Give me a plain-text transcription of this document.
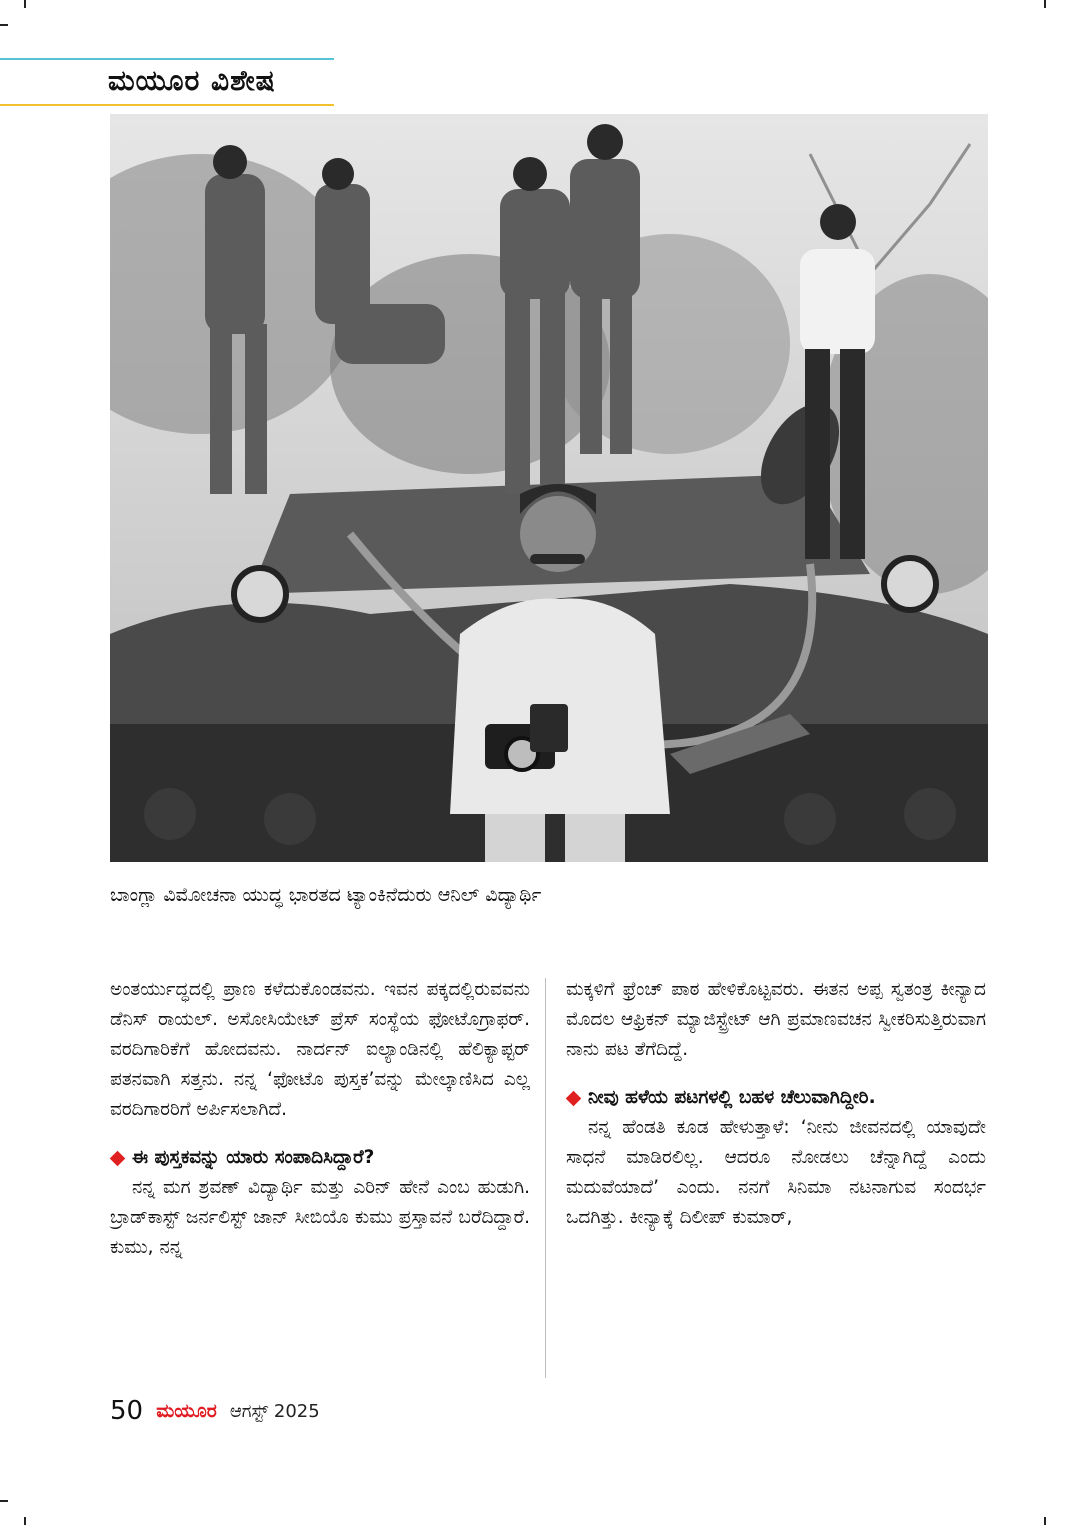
ಮಯೂರ ವಿಶೇಷ
ಬಾಂಗ್ಲಾ ವಿಮೋಚನಾ ಯುದ್ಧ ಭಾರತದ ಟ್ಯಾಂಕಿನೆದುರು ಆನಿಲ್ ವಿದ್ಯಾರ್ಥಿ

ಅಂತರ್ಯುದ್ಧದಲ್ಲಿ ಪ್ರಾಣ ಕಳೆದುಕೊಂಡವನು. ಇವನ ಪಕ್ಕದಲ್ಲಿರುವವನು ಡೆನಿಸ್ ರಾಯಲ್. ಅಸೋಸಿಯೇಟ್ ಪ್ರೆಸ್ ಸಂಸ್ಥೆಯ ಫೋಟೊಗ್ರಾಫರ್. ವರದಿಗಾರಿಕೆಗೆ ಹೋದವನು. ನಾರ್ದನ್ ಐಲ್ಯಾಂಡಿನಲ್ಲಿ ಹೆಲಿಕ್ಯಾಪ್ಟರ್ ಪತನವಾಗಿ ಸತ್ತನು. ನನ್ನ ‘ಫೋಟೊ ಪುಸ್ತಕ’ವನ್ನು ಮೇಲ್ಕಾಣಿಸಿದ ಎಲ್ಲ ವರದಿಗಾರರಿಗೆ ಅರ್ಪಿಸಲಾಗಿದೆ.

ಈ ಪುಸ್ತಕವನ್ನು ಯಾರು ಸಂಪಾದಿಸಿದ್ದಾರೆ?

ನನ್ನ ಮಗ ಶ್ರವಣ್ ವಿದ್ಯಾರ್ಥಿ ಮತ್ತು ಎರಿನ್ ಹೇನೆ ಎಂಬ ಹುಡುಗಿ. ಬ್ರಾಡ್‌ಕಾಸ್ಟ್ ಜರ್ನಲಿಸ್ಟ್ ಜಾನ್ ಸೀಬಿಯೊ ಕುಮು ಪ್ರಸ್ತಾವನೆ ಬರೆದಿದ್ದಾರೆ. ಕುಮು, ನನ್ನ

ಮಕ್ಕಳಿಗೆ ಫ್ರೆಂಚ್ ಪಾಠ ಹೇಳಿಕೊಟ್ಟವರು. ಈತನ ಅಪ್ಪ ಸ್ವತಂತ್ರ ಕೀನ್ಯಾದ ಮೊದಲ ಆಫ್ರಿಕನ್ ಮ್ಯಾಜಿಸ್ಟ್ರೇಟ್ ಆಗಿ ಪ್ರಮಾಣವಚನ ಸ್ವೀಕರಿಸುತ್ತಿರುವಾಗ ನಾನು ಪಟ ತೆಗೆದಿದ್ದೆ.

ನೀವು ಹಳೆಯ ಪಟಗಳಲ್ಲಿ ಬಹಳ ಚೆಲುವಾಗಿದ್ದೀರಿ.

ನನ್ನ ಹೆಂಡತಿ ಕೂಡ ಹೇಳುತ್ತಾಳೆ: ‘ನೀನು ಜೀವನದಲ್ಲಿ ಯಾವುದೇ ಸಾಧನೆ ಮಾಡಿರಲಿಲ್ಲ. ಆದರೂ ನೋಡಲು ಚೆನ್ನಾಗಿದ್ದೆ ಎಂದು ಮದುವೆಯಾದೆ’ ಎಂದು. ನನಗೆ ಸಿನಿಮಾ ನಟನಾಗುವ ಸಂದರ್ಭ ಒದಗಿತ್ತು. ಕೀನ್ಯಾಕ್ಕೆ ದಿಲೀಪ್ ಕುಮಾರ್,

50 ಮಯೂರ ಆಗಸ್ಟ್ 2025
